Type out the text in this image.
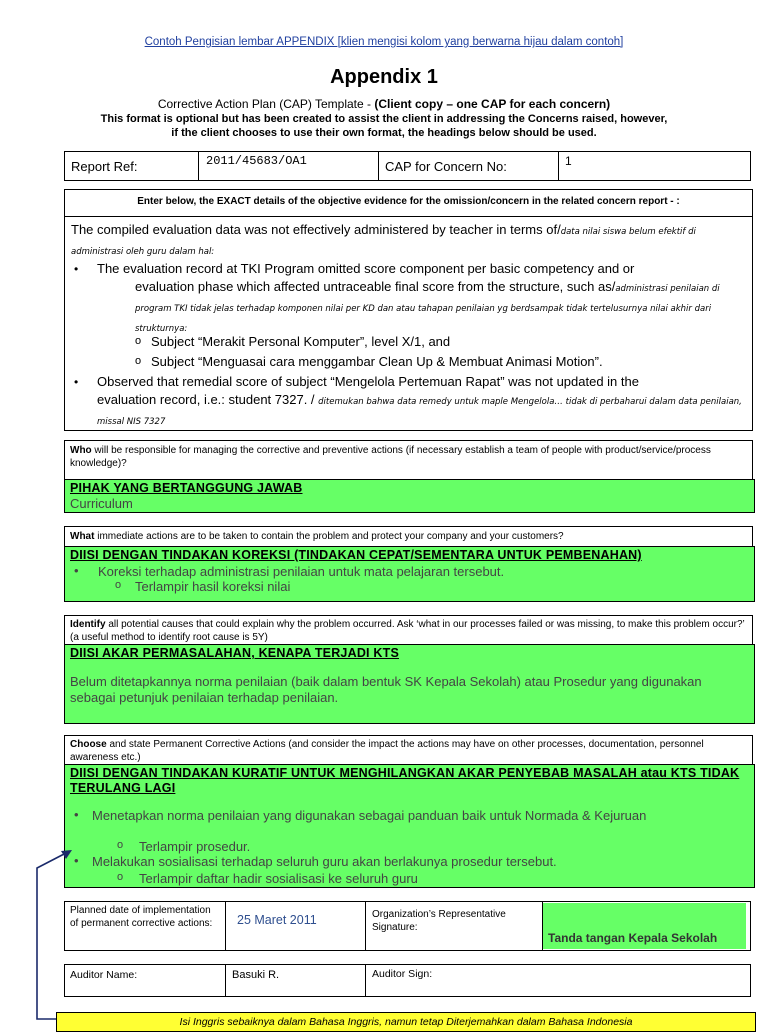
Contoh Pengisian lembar APPENDIX [klien mengisi kolom yang berwarna hijau dalam contoh]
Appendix 1
Corrective Action Plan (CAP) Template - (Client copy – one CAP for each concern)
This format is optional but has been created to assist the client in addressing the Concerns raised, however,
if the client chooses to use their own format, the headings below should be used.
Report Ref:	2011/45683/OA1	CAP for Concern No:	1
Enter below, the EXACT details of the objective evidence for the omission/concern in the related concern report - :
The compiled evaluation data was not effectively administered by teacher in terms of/data nilai siswa belum efektif di administrasi oleh guru dalam hal:
• The evaluation record at TKI Program omitted score component per basic competency and or
evaluation phase which affected untraceable final score from the structure, such as/administrasi penilaian di program TKI tidak jelas terhadap komponen nilai per KD dan atau tahapan penilaian yg berdsampak tidak tertelusurnya nilai akhir dari strukturnya:
o Subject “Merakit Personal Komputer”, level X/1, and
o Subject “Menguasai cara menggambar Clean Up & Membuat Animasi Motion”.
• Observed that remedial score of subject “Mengelola Pertemuan Rapat” was not updated in the
evaluation record, i.e.: student 7327. / ditemukan bahwa data remedy untuk maple Mengelola… tidak di perbaharui dalam data penilaian, missal NIS 7327
Who will be responsible for managing the corrective and preventive actions (if necessary establish a team of people with product/service/process knowledge)?
PIHAK YANG BERTANGGUNG JAWAB
Curriculum
What immediate actions are to be taken to contain the problem and protect your company and your customers?
DIISI DENGAN TINDAKAN KOREKSI (TINDAKAN CEPAT/SEMENTARA UNTUK PEMBENAHAN)
• Koreksi terhadap administrasi penilaian untuk mata pelajaran tersebut.
o Terlampir hasil koreksi nilai
Identify all potential causes that could explain why the problem occurred. Ask ‘what in our processes failed or was missing, to make this problem occur?’ (a useful method to identify root cause is 5Y)
DIISI AKAR PERMASALAHAN, KENAPA TERJADI KTS
Belum ditetapkannya norma penilaian (baik dalam bentuk SK Kepala Sekolah) atau Prosedur yang digunakan sebagai petunjuk penilaian terhadap penilaian.
Choose and state Permanent Corrective Actions (and consider the impact the actions may have on other processes, documentation, personnel awareness etc.)
DIISI DENGAN TINDAKAN KURATIF UNTUK MENGHILANGKAN AKAR PENYEBAB MASALAH atau KTS TIDAK TERULANG LAGI
• Menetapkan norma penilaian yang digunakan sebagai panduan baik untuk Normada & Kejuruan
o Terlampir prosedur.
• Melakukan sosialisasi terhadap seluruh guru akan berlakunya prosedur tersebut.
o Terlampir daftar hadir sosialisasi ke seluruh guru
Planned date of implementation of permanent corrective actions:	25 Maret 2011	Organization’s Representative Signature:
Tanda tangan Kepala Sekolah
Auditor Name:	Basuki R.	Auditor Sign:
Isi Inggris sebaiknya dalam Bahasa Inggris, namun tetap Diterjemahkan dalam Bahasa Indonesia
